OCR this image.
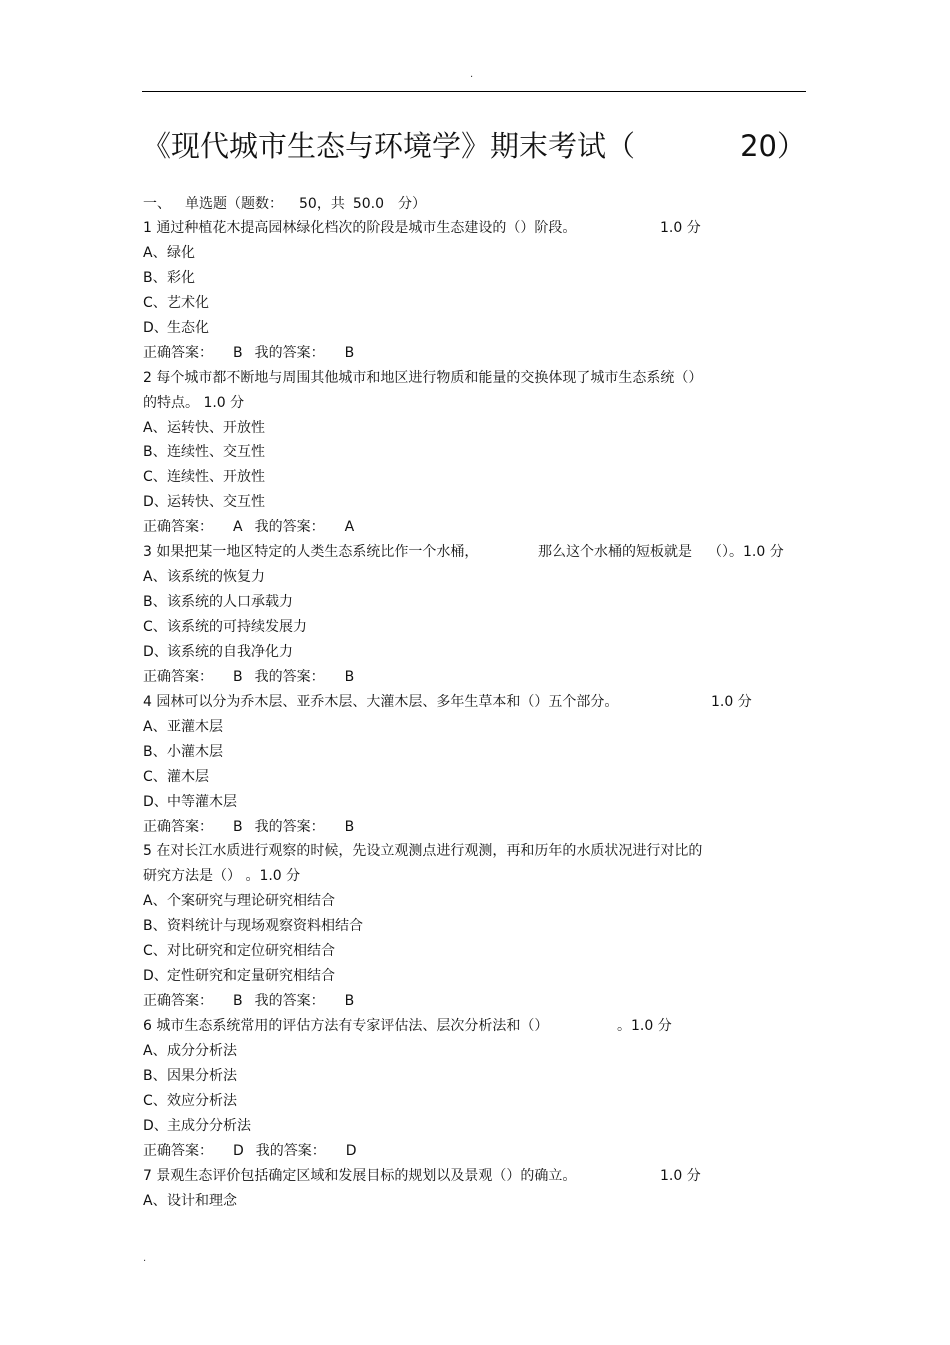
.
《现代城市生态与环境学》期末考试（	20）
一、 单选题（题数： 50，共 50.0 分）
1 通过种植花木提高园林绿化档次的阶段是城市生态建设的（）阶段。	1.0 分
A、绿化
B、彩化
C、艺术化
D、生态化
正确答案： B 我的答案： B
2 每个城市都不断地与周围其他城市和地区进行物质和能量的交换体现了城市生态系统（）
的特点。 1.0 分
A、运转快、开放性
B、连续性、交互性
C、连续性、开放性
D、运转快、交互性
正确答案： A 我的答案： A
3 如果把某一地区特定的人类生态系统比作一个水桶，	那么这个水桶的短板就是 （）。1.0 分
A、该系统的恢复力
B、该系统的人口承载力
C、该系统的可持续发展力
D、该系统的自我净化力
正确答案： B 我的答案： B
4 园林可以分为乔木层、亚乔木层、大灌木层、多年生草本和（）五个部分。	1.0 分
A、亚灌木层
B、小灌木层
C、灌木层
D、中等灌木层
正确答案： B 我的答案： B
5 在对长江水质进行观察的时候，先设立观测点进行观测，再和历年的水质状况进行对比的
研究方法是（） 。1.0 分
A、个案研究与理论研究相结合
B、资料统计与现场观察资料相结合
C、对比研究和定位研究相结合
D、定性研究和定量研究相结合
正确答案： B 我的答案： B
6 城市生态系统常用的评估方法有专家评估法、层次分析法和（）	。1.0 分
A、成分分析法
B、因果分析法
C、效应分析法
D、主成分分析法
正确答案： D 我的答案： D
7 景观生态评价包括确定区域和发展目标的规划以及景观（）的确立。	1.0 分
A、设计和理念
.
